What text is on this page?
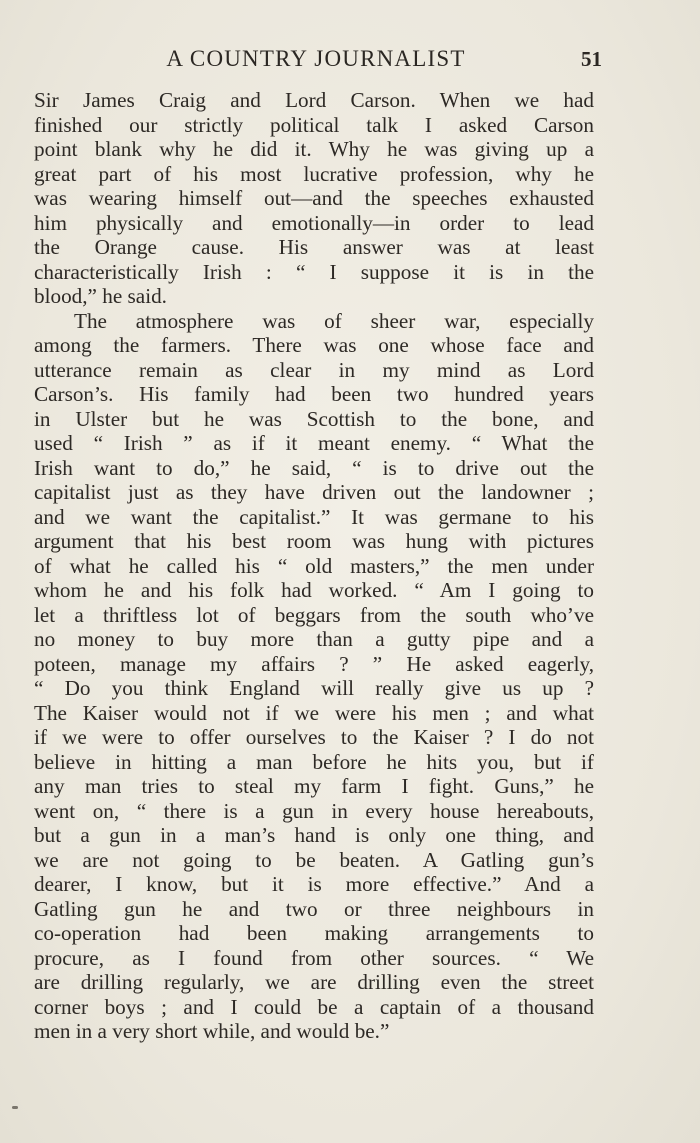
A COUNTRY JOURNALIST	51
Sir James Craig and Lord Carson. When we had
finished our strictly political talk I asked Carson
point blank why he did it. Why he was giving up a
great part of his most lucrative profession, why he
was wearing himself out—and the speeches exhausted
him physically and emotionally—in order to lead
the Orange cause. His answer was at least
characteristically Irish : “ I suppose it is in the
blood,” he said.
The atmosphere was of sheer war, especially
among the farmers. There was one whose face and
utterance remain as clear in my mind as Lord
Carson’s. His family had been two hundred years
in Ulster but he was Scottish to the bone, and
used “ Irish ” as if it meant enemy. “ What the
Irish want to do,” he said, “ is to drive out the
capitalist just as they have driven out the landowner ;
and we want the capitalist.” It was germane to his
argument that his best room was hung with pictures
of what he called his “ old masters,” the men under
whom he and his folk had worked. “ Am I going to
let a thriftless lot of beggars from the south who’ve
no money to buy more than a gutty pipe and a
poteen, manage my affairs ? ” He asked eagerly,
“ Do you think England will really give us up ?
The Kaiser would not if we were his men ; and what
if we were to offer ourselves to the Kaiser ? I do not
believe in hitting a man before he hits you, but if
any man tries to steal my farm I fight. Guns,” he
went on, “ there is a gun in every house hereabouts,
but a gun in a man’s hand is only one thing, and
we are not going to be beaten. A Gatling gun’s
dearer, I know, but it is more effective.” And a
Gatling gun he and two or three neighbours in
co-operation had been making arrangements to
procure, as I found from other sources. “ We
are drilling regularly, we are drilling even the street
corner boys ; and I could be a captain of a thousand
men in a very short while, and would be.”
